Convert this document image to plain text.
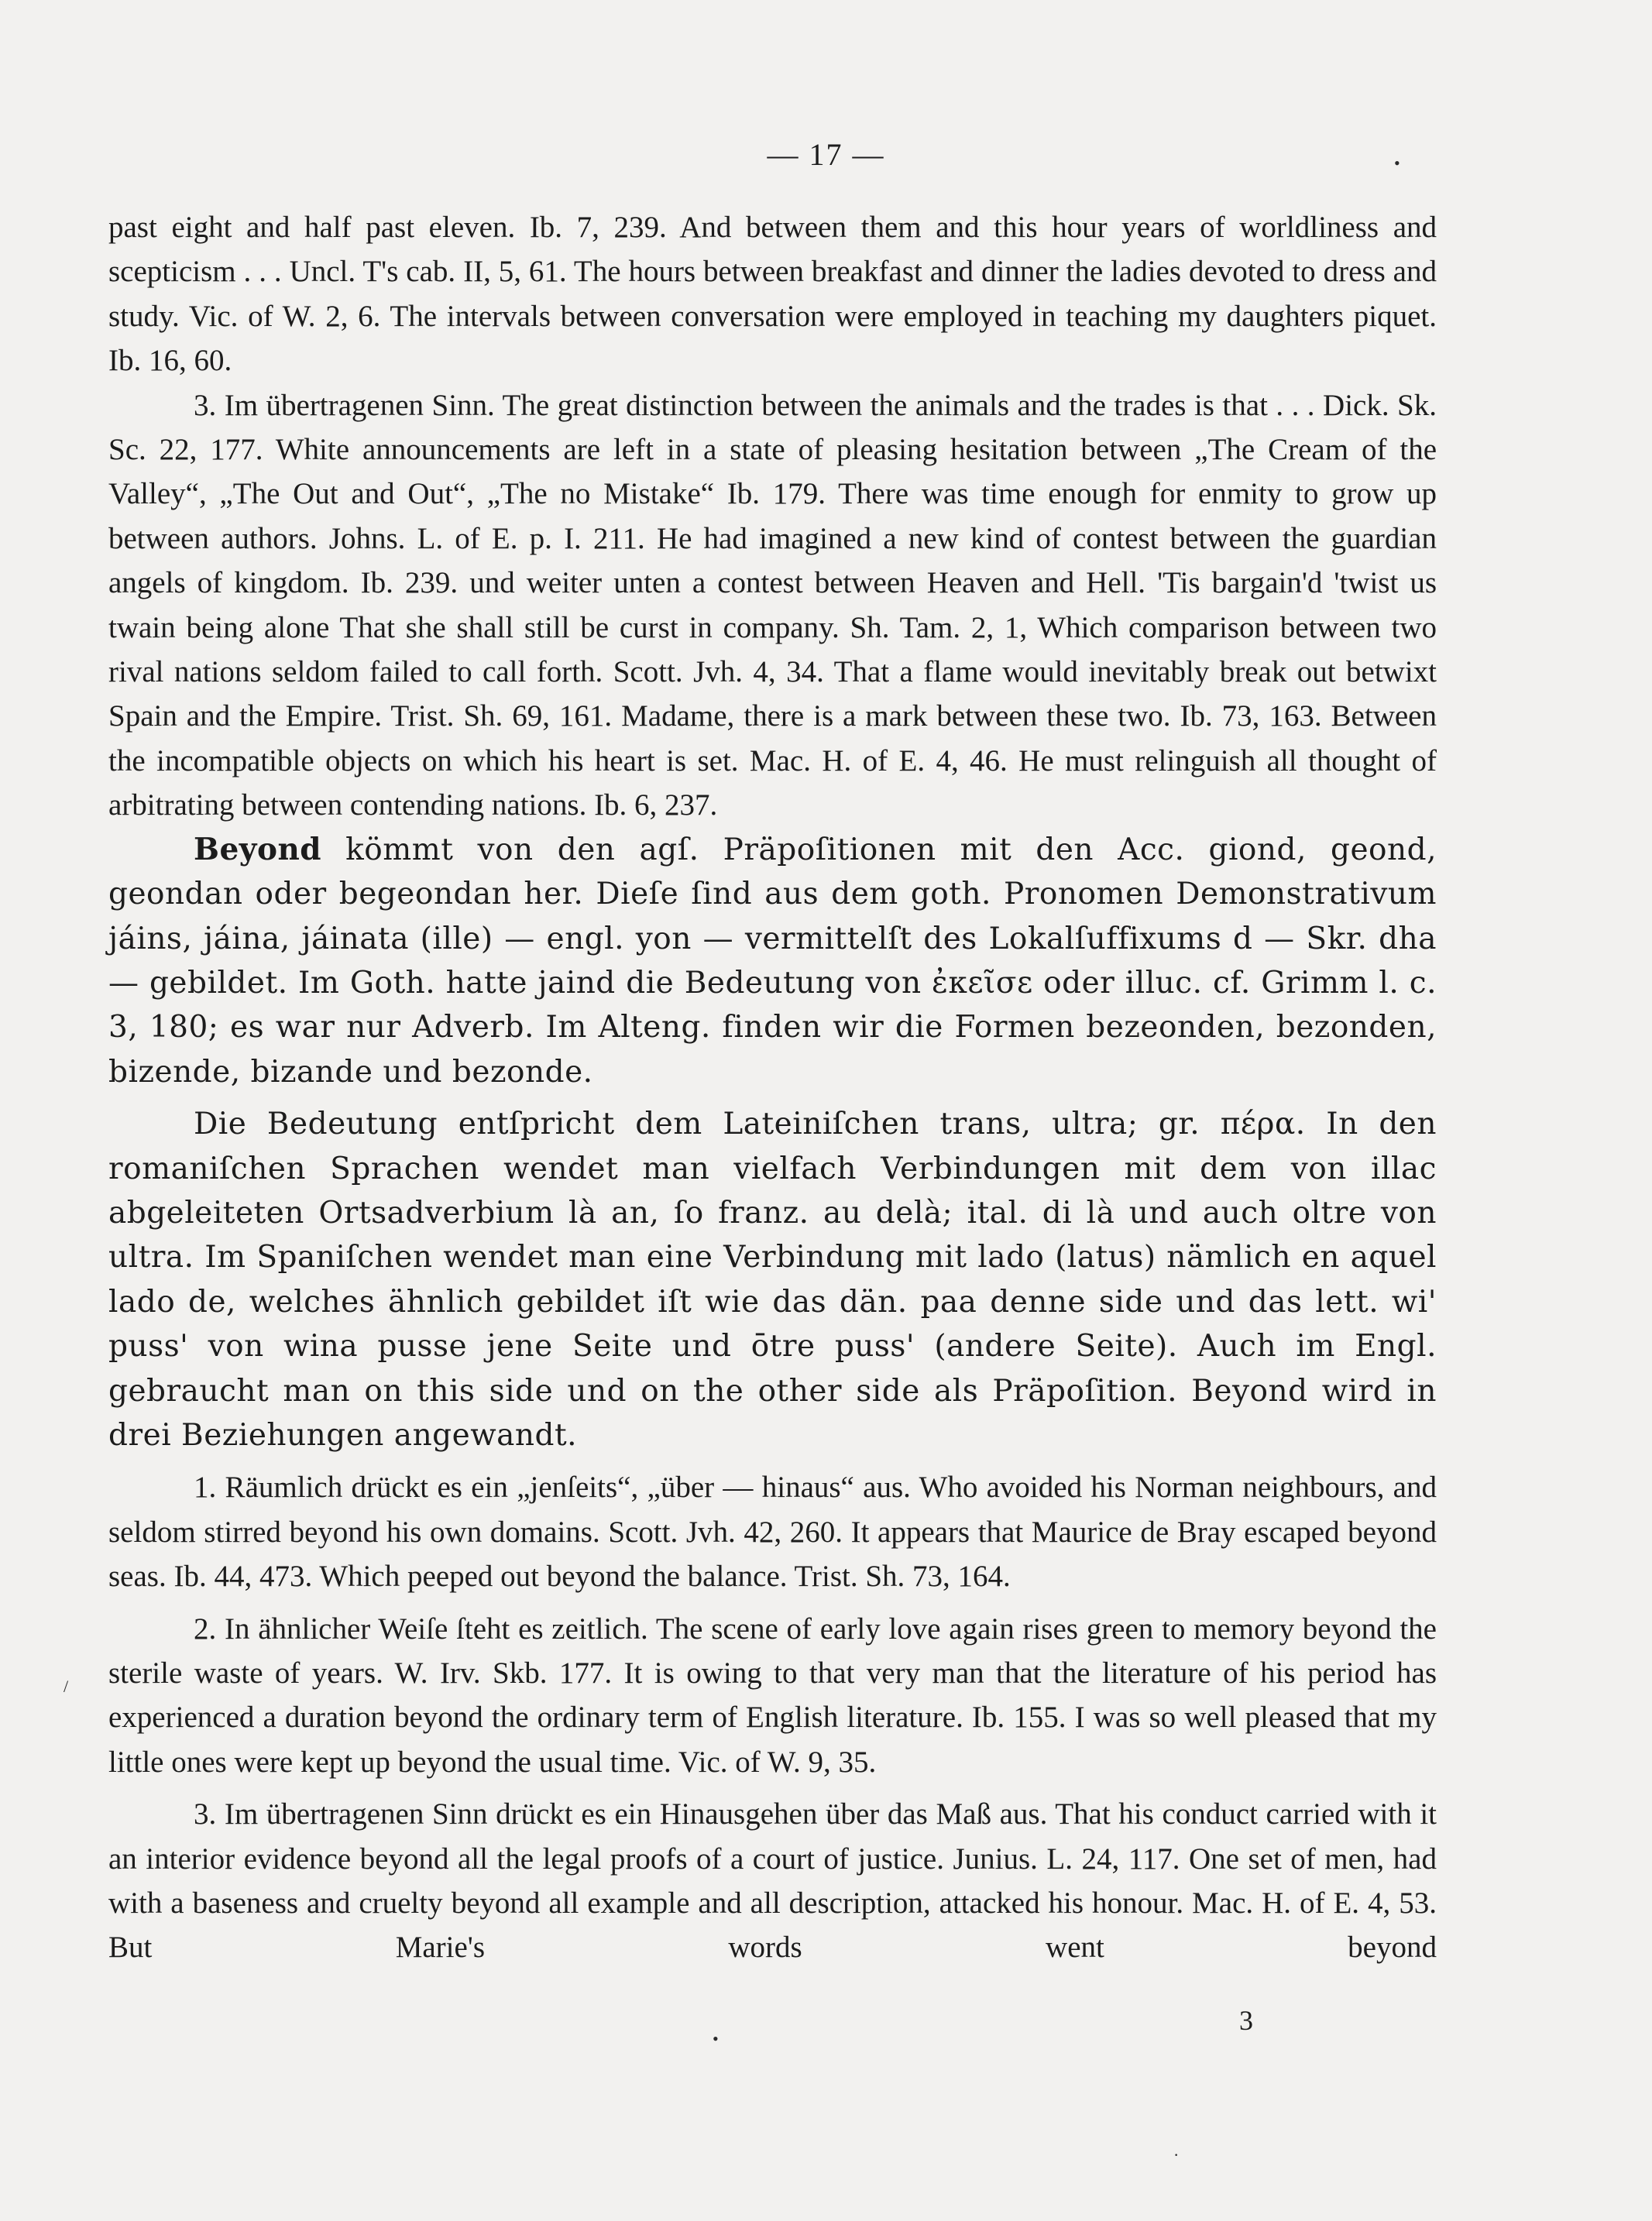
— 17 —

past eight and half past eleven. Ib. 7, 239. And between them and this hour years of worldliness and scepticism . . . Uncl. T's cab. II, 5, 61. The hours between breakfast and dinner the ladies devoted to dress and study. Vic. of W. 2, 6. The intervals between conversation were employed in teaching my daughters piquet. Ib. 16, 60.

3. Im übertragenen Sinn. The great distinction between the animals and the trades is that . . . Dick. Sk. Sc. 22, 177. White announcements are left in a state of pleasing hesitation between „The Cream of the Valley“, „The Out and Out“, „The no Mistake“ Ib. 179. There was time enough for enmity to grow up between authors. Johns. L. of E. p. I. 211. He had imagined a new kind of contest between the guardian angels of kingdom. Ib. 239. und weiter unten a contest between Heaven and Hell. 'Tis bargain'd 'twist us twain being alone That she shall still be curst in company. Sh. Tam. 2, 1, Which comparison between two rival nations seldom failed to call forth. Scott. Jvh. 4, 34. That a flame would inevitably break out betwixt Spain and the Empire. Trist. Sh. 69, 161. Madame, there is a mark between these two. Ib. 73, 163. Between the incompatible objects on which his heart is set. Mac. H. of E. 4, 46. He must relinguish all thought of arbitrating between contending nations. Ib. 6, 237.

Beyond kömmt von den agſ. Präpoſitionen mit den Acc. giond, geond, geondan oder begeondan her. Dieſe ſind aus dem goth. Pronomen Demonstrativum jáins, jáina, jáinata (ille) — engl. yon — vermittelſt des Lokalſuffixums d — Skr. dha — gebildet. Im Goth. hatte jaind die Bedeutung von ἐκεῖσε oder illuc. cf. Grimm l. c. 3, 180; es war nur Adverb. Im Alteng. finden wir die Formen bezeonden, bezonden, bizende, bizande und bezonde.

Die Bedeutung entſpricht dem Lateiniſchen trans, ultra; gr. πέρα. In den romaniſchen Sprachen wendet man vielfach Verbindungen mit dem von illac abgeleiteten Ortsadverbium là an, ſo franz. au delà; ital. di là und auch oltre von ultra. Im Spaniſchen wendet man eine Verbindung mit lado (latus) nämlich en aquel lado de, welches ähnlich gebildet iſt wie das dän. paa denne side und das lett. wi' puss' von wina pusse jene Seite und ōtre puss' (andere Seite). Auch im Engl. gebraucht man on this side und on the other side als Präpoſition. Beyond wird in drei Beziehungen angewandt.

1. Räumlich drückt es ein „jenſeits“, „über — hinaus“ aus. Who avoided his Norman neighbours, and seldom stirred beyond his own domains. Scott. Jvh. 42, 260. It appears that Maurice de Bray escaped beyond seas. Ib. 44, 473. Which peeped out beyond the balance. Trist. Sh. 73, 164.

2. In ähnlicher Weiſe ſteht es zeitlich. The scene of early love again rises green to memory beyond the sterile waste of years. W. Irv. Skb. 177. It is owing to that very man that the literature of his period has experienced a duration beyond the ordinary term of English literature. Ib. 155. I was so well pleased that my little ones were kept up beyond the usual time. Vic. of W. 9, 35.

3. Im übertragenen Sinn drückt es ein Hinausgehen über das Maß aus. That his conduct carried with it an interior evidence beyond all the legal proofs of a court of justice. Junius. L. 24, 117. One set of men, had with a baseness and cruelty beyond all example and all description, attacked his honour. Mac. H. of E. 4, 53. But Marie's words went beyond

3
•
•
·
/
